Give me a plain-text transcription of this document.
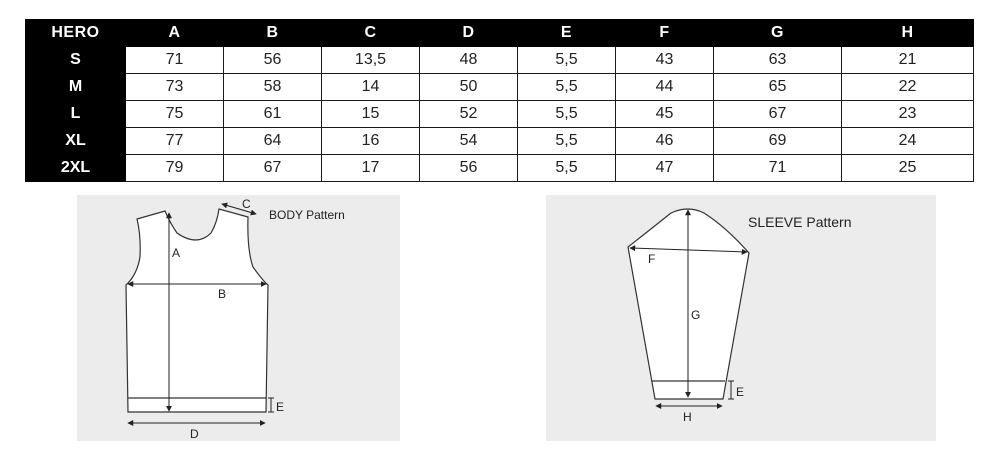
HERO	A	B	C	D	E	F	G	H
S	71	56	13,5	48	5,5	43	63	21
M	73	58	14	50	5,5	44	65	22
L	75	61	15	52	5,5	45	67	23
XL	77	64	16	54	5,5	46	69	24
2XL	79	67	17	56	5,5	47	71	25
A
B
C
BODY Pattern
E
D
F
G
SLEEVE Pattern
E
H
